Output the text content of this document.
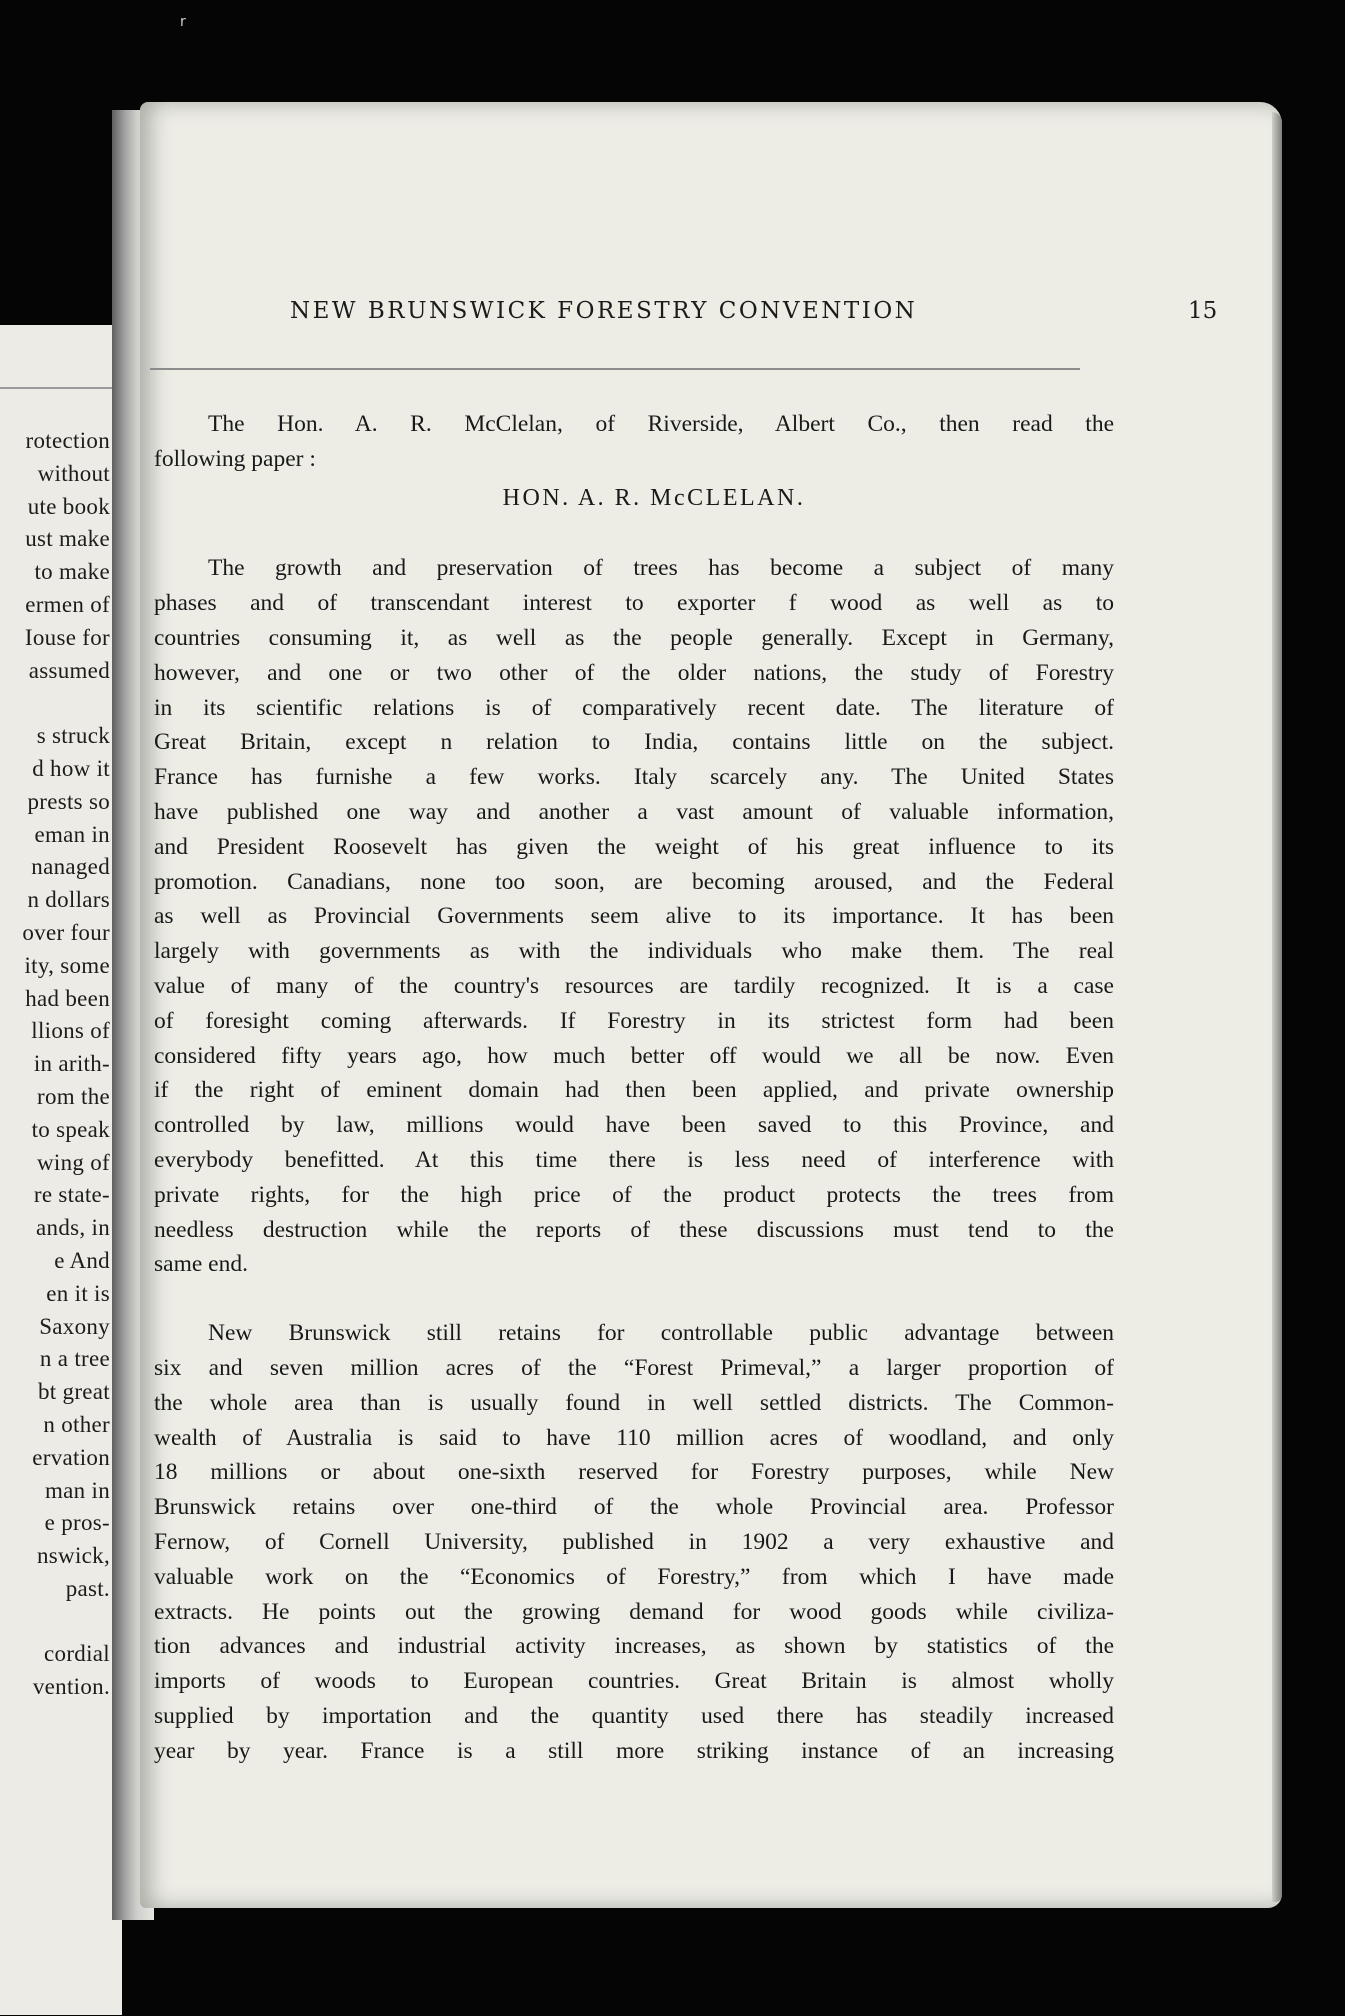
r
rotection
without
ute book
ust make
to make
ermen of
Iouse for
assumed
s struck
d how it
prests so
eman in
nanaged
n dollars
over four
ity, some
had been
llions of
in arith-
rom the
to speak
wing of
re state-
ands, in
e And
en it is
Saxony
n a tree
bt great
n other
ervation
man in
e pros-
nswick,
past.
cordial
vention.
NEW BRUNSWICK FORESTRY CONVENTION	15
The Hon. A. R. McClelan, of Riverside, Albert Co., then read the
following paper :
HON. A. R. McCLELAN.
The growth and preservation of trees has become a subject of many
phases and of transcendant interest to exporter f wood as well as to
countries consuming it, as well as the people generally. Except in Germany,
however, and one or two other of the older nations, the study of Forestry
in its scientific relations is of comparatively recent date. The literature of
Great Britain, except n relation to India, contains little on the subject.
France has furnishe a few works. Italy scarcely any. The United States
have published one way and another a vast amount of valuable information,
and President Roosevelt has given the weight of his great influence to its
promotion. Canadians, none too soon, are becoming aroused, and the Federal
as well as Provincial Governments seem alive to its importance. It has been
largely with governments as with the individuals who make them. The real
value of many of the country's resources are tardily recognized. It is a case
of foresight coming afterwards. If Forestry in its strictest form had been
considered fifty years ago, how much better off would we all be now. Even
if the right of eminent domain had then been applied, and private ownership
controlled by law, millions would have been saved to this Province, and
everybody benefitted. At this time there is less need of interference with
private rights, for the high price of the product protects the trees from
needless destruction while the reports of these discussions must tend to the
same end.
New Brunswick still retains for controllable public advantage between
six and seven million acres of the “Forest Primeval,” a larger proportion of
the whole area than is usually found in well settled districts. The Common-
wealth of Australia is said to have 110 million acres of woodland, and only
18 millions or about one-sixth reserved for Forestry purposes, while New
Brunswick retains over one-third of the whole Provincial area. Professor
Fernow, of Cornell University, published in 1902 a very exhaustive and
valuable work on the “Economics of Forestry,” from which I have made
extracts. He points out the growing demand for wood goods while civiliza-
tion advances and industrial activity increases, as shown by statistics of the
imports of woods to European countries. Great Britain is almost wholly
supplied by importation and the quantity used there has steadily increased
year by year. France is a still more striking instance of an increasing
